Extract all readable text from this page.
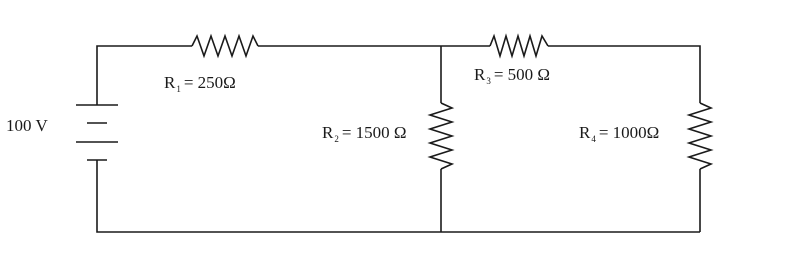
100 V
$R_1 = 250\Omega$	$R_3 = 500$ Ω
$R_2 = 1500$ Ω	$R_4 = 1000\Omega$
